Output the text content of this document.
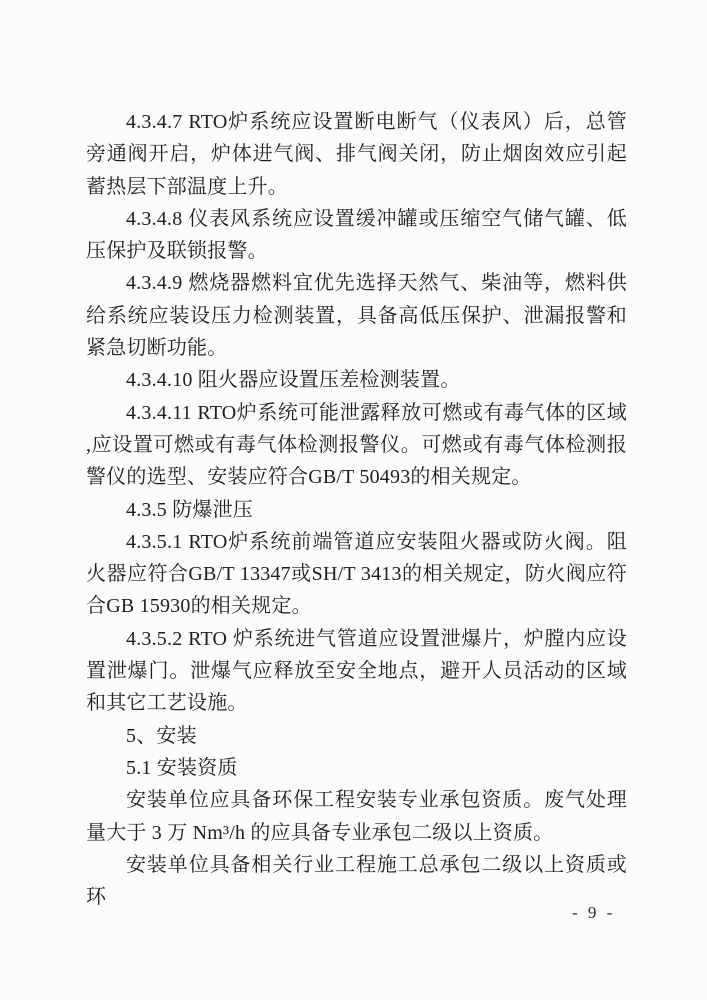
4.3.4.7 RTO炉系统应设置断电断气（仪表风）后，总管旁通阀开启，炉体进气阀、排气阀关闭，防止烟囱效应引起蓄热层下部温度上升。

4.3.4.8 仪表风系统应设置缓冲罐或压缩空气储气罐、低压保护及联锁报警。

4.3.4.9 燃烧器燃料宜优先选择天然气、柴油等，燃料供给系统应装设压力检测装置，具备高低压保护、泄漏报警和紧急切断功能。

4.3.4.10 阻火器应设置压差检测装置。

4.3.4.11 RTO炉系统可能泄露释放可燃或有毒气体的区域 ,应设置可燃或有毒气体检测报警仪。可燃或有毒气体检测报警仪的选型、安装应符合GB/T 50493的相关规定。

4.3.5 防爆泄压

4.3.5.1 RTO炉系统前端管道应安装阻火器或防火阀。阻火器应符合GB/T 13347或SH/T 3413的相关规定，防火阀应符合GB 15930的相关规定。

4.3.5.2 RTO 炉系统进气管道应设置泄爆片，炉膛内应设置泄爆门。泄爆气应释放至安全地点，避开人员活动的区域和其它工艺设施。

5、安装

5.1 安装资质

安装单位应具备环保工程安装专业承包资质。废气处理量大于 3 万 Nm³/h 的应具备专业承包二级以上资质。

安装单位具备相关行业工程施工总承包二级以上资质或环

- 9 -
